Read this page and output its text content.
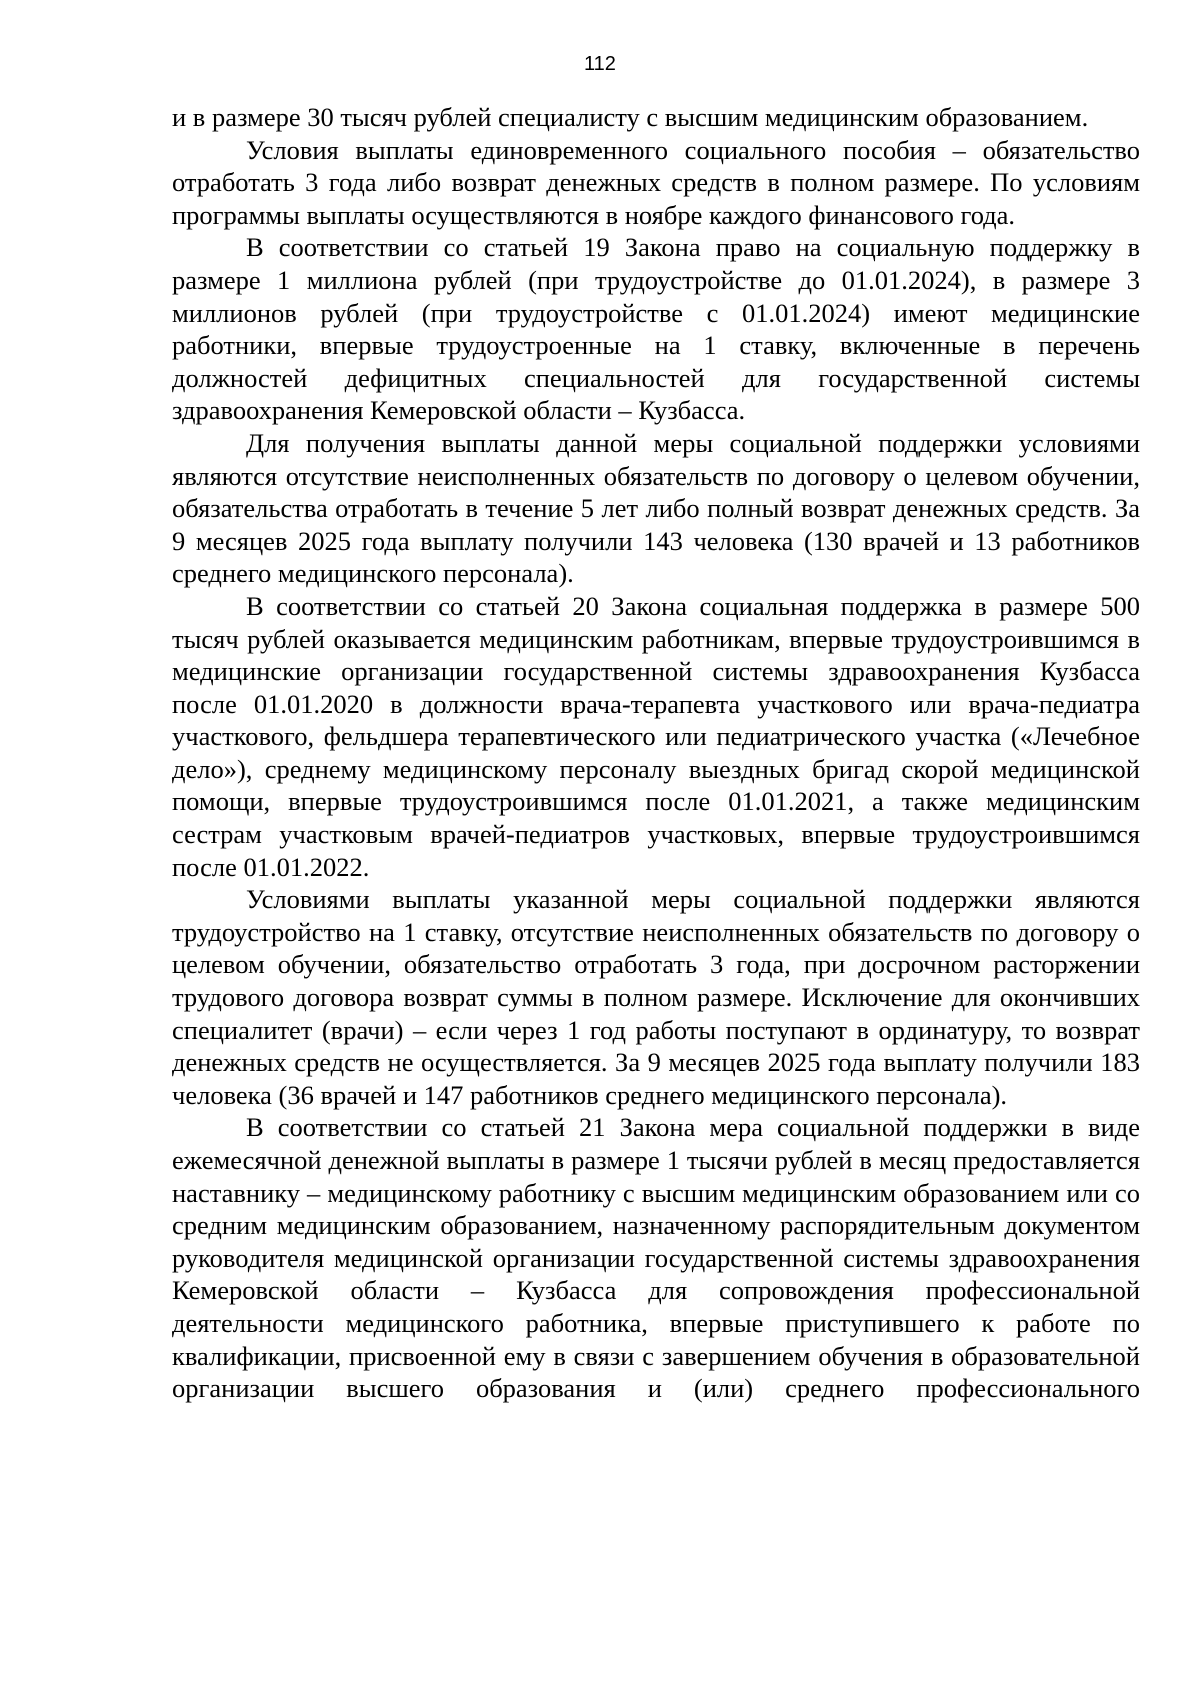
112

и в размере 30 тысяч рублей специалисту с высшим медицинским образованием.

Условия выплаты единовременного социального пособия – обязательство отработать 3 года либо возврат денежных средств в полном размере. По условиям программы выплаты осуществляются в ноябре каждого финансового года.

В соответствии со статьей 19 Закона право на социальную поддержку в размере 1 миллиона рублей (при трудоустройстве до 01.01.2024), в размере 3 миллионов рублей (при трудоустройстве с 01.01.2024) имеют медицинские работники, впервые трудоустроенные на 1 ставку, включенные в перечень должностей дефицитных специальностей для государственной системы здравоохранения Кемеровской области – Кузбасса.

Для получения выплаты данной меры социальной поддержки условиями являются отсутствие неисполненных обязательств по договору о целевом обучении, обязательства отработать в течение 5 лет либо полный возврат денежных средств. За 9 месяцев 2025 года выплату получили 143 человека (130 врачей и 13 работников среднего медицинского персонала).

В соответствии со статьей 20 Закона социальная поддержка в размере 500 тысяч рублей оказывается медицинским работникам, впервые трудоустроившимся в медицинские организации государственной системы здравоохранения Кузбасса после 01.01.2020 в должности врача-терапевта участкового или врача-педиатра участкового, фельдшера терапевтического или педиатрического участка («Лечебное дело»), среднему медицинскому персоналу выездных бригад скорой медицинской помощи, впервые трудоустроившимся после 01.01.2021, а также медицинским сестрам участковым врачей-педиатров участковых, впервые трудоустроившимся после 01.01.2022.

Условиями выплаты указанной меры социальной поддержки являются трудоустройство на 1 ставку, отсутствие неисполненных обязательств по договору о целевом обучении, обязательство отработать 3 года, при досрочном расторжении трудового договора возврат суммы в полном размере. Исключение для окончивших специалитет (врачи) – если через 1 год работы поступают в ординатуру, то возврат денежных средств не осуществляется. За 9 месяцев 2025 года выплату получили 183 человека (36 врачей и 147 работников среднего медицинского персонала).

В соответствии со статьей 21 Закона мера социальной поддержки в виде ежемесячной денежной выплаты в размере 1 тысячи рублей в месяц предоставляется наставнику – медицинскому работнику с высшим медицинским образованием или со средним медицинским образованием, назначенному распорядительным документом руководителя медицинской организации государственной системы здравоохранения Кемеровской области – Кузбасса для сопровождения профессиональной деятельности медицинского работника, впервые приступившего к работе по квалификации, присвоенной ему в связи с завершением обучения в образовательной организации высшего образования и (или) среднего профессионального
